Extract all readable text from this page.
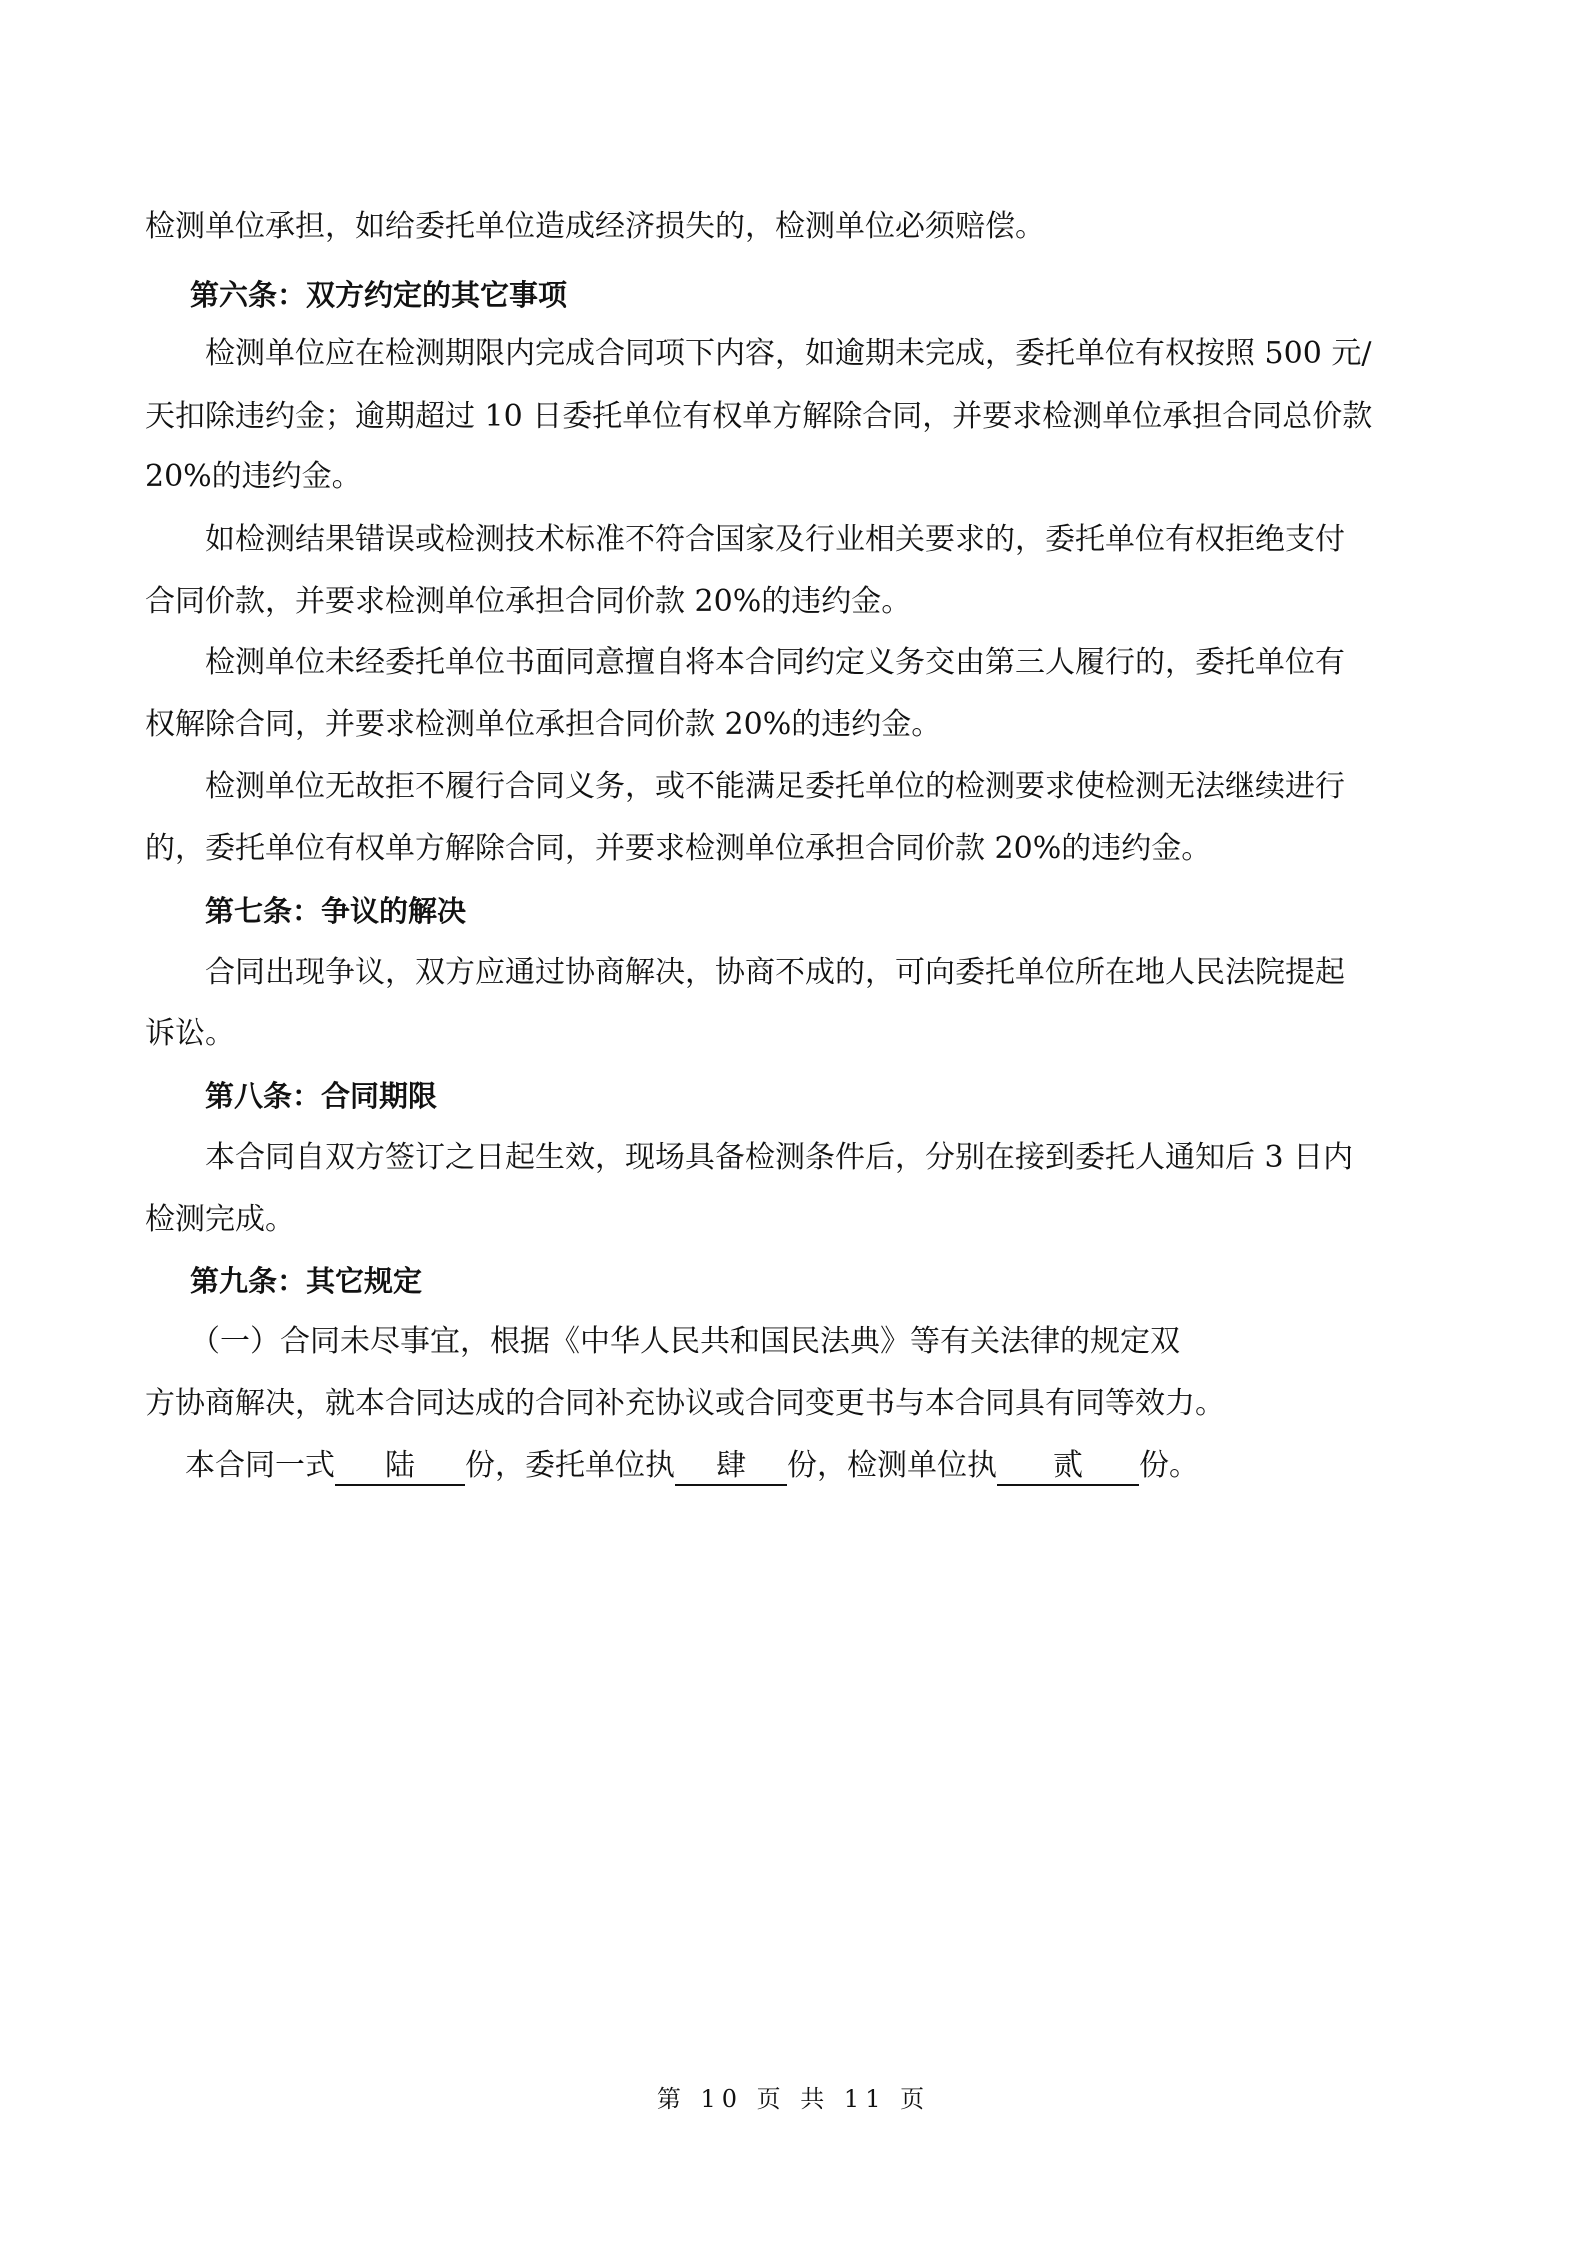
检测单位承担，如给委托单位造成经济损失的，检测单位必须赔偿。
第六条：双方约定的其它事项
检测单位应在检测期限内完成合同项下内容，如逾期未完成，委托单位有权按照 500 元/
天扣除违约金；逾期超过 10 日委托单位有权单方解除合同，并要求检测单位承担合同总价款
20%的违约金。
如检测结果错误或检测技术标准不符合国家及行业相关要求的，委托单位有权拒绝支付
合同价款，并要求检测单位承担合同价款 20%的违约金。
检测单位未经委托单位书面同意擅自将本合同约定义务交由第三人履行的，委托单位有
权解除合同，并要求检测单位承担合同价款 20%的违约金。
检测单位无故拒不履行合同义务，或不能满足委托单位的检测要求使检测无法继续进行
的，委托单位有权单方解除合同，并要求检测单位承担合同价款 20%的违约金。
第七条：争议的解决
合同出现争议，双方应通过协商解决，协商不成的，可向委托单位所在地人民法院提起
诉讼。
第八条：合同期限
本合同自双方签订之日起生效，现场具备检测条件后，分别在接到委托人通知后 3 日内
检测完成。
第九条：其它规定
（一）合同未尽事宜，根据《中华人民共和国民法典》等有关法律的规定双
方协商解决，就本合同达成的合同补充协议或合同变更书与本合同具有同等效力。
本合同一式 陆 份，委托单位执 肆 份，检测单位执 贰 份。
第 10 页 共 11 页
